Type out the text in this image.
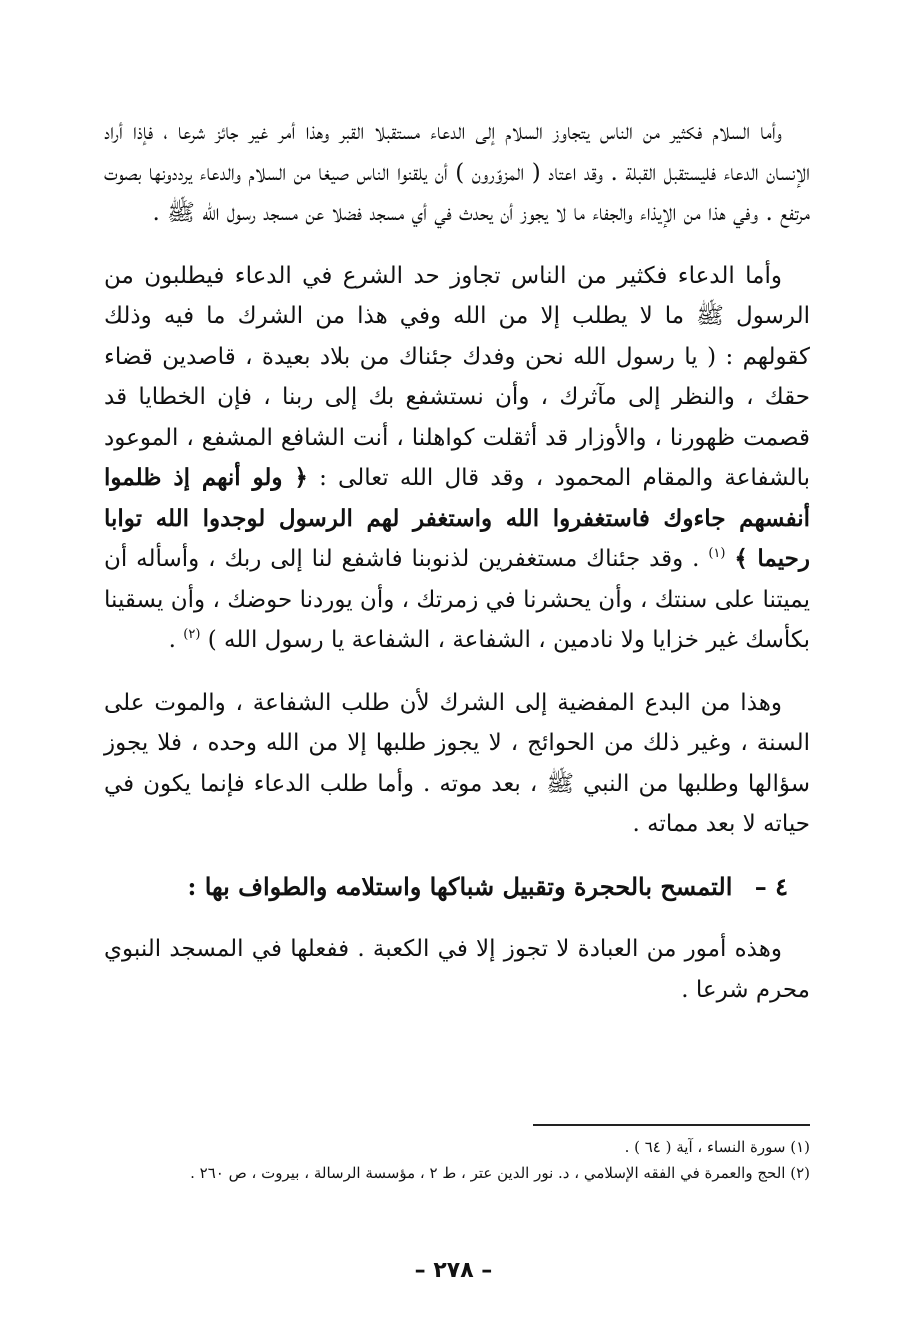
وأما السلام فكثير من الناس يتجاوز السلام إلى الدعاء مستقبلا القبر وهذا أمر غير جائز شرعا ، فإذا أراد الإنسان الدعاء فليستقبل القبلة . وقد اعتاد ( المزوّرون ) أن يلقنوا الناس صيغا من السلام والدعاء يرددونها بصوت مرتفع . وفي هذا من الإيذاء والجفاء ما لا يجوز أن يحدث في أي مسجد فضلا عن مسجد رسول الله ﷺ .

وأما الدعاء فكثير من الناس تجاوز حد الشرع في الدعاء فيطلبون من الرسول ﷺ ما لا يطلب إلا من الله وفي هذا من الشرك ما فيه وذلك كقولهم : ( يا رسول الله نحن وفدك جئناك من بلاد بعيدة ، قاصدين قضاء حقك ، والنظر إلى مآثرك ، وأن نستشفع بك إلى ربنا ، فإن الخطايا قد قصمت ظهورنا ، والأوزار قد أثقلت كواهلنا ، أنت الشافع المشفع ، الموعود بالشفاعة والمقام المحمود ، وقد قال الله تعالى : ﴿ ولو أنهم إذ ظلموا أنفسهم جاءوك فاستغفروا الله واستغفر لهم الرسول لوجدوا الله توابا رحيما ﴾ $^{(١)}$ . وقد جئناك مستغفرين لذنوبنا فاشفع لنا إلى ربك ، وأسأله أن يميتنا على سنتك ، وأن يحشرنا في زمرتك ، وأن يوردنا حوضك ، وأن يسقينا بكأسك غير خزايا ولا نادمين ، الشفاعة ، الشفاعة يا رسول الله ) $^{(٢)}$ .

وهذا من البدع المفضية إلى الشرك لأن طلب الشفاعة ، والموت على السنة ، وغير ذلك من الحوائج ، لا يجوز طلبها إلا من الله وحده ، فلا يجوز سؤالها وطلبها من النبي ﷺ ، بعد موته . وأما طلب الدعاء فإنما يكون في حياته لا بعد مماته .

٤ – التمسح بالحجرة وتقبيل شباكها واستلامه والطواف بها :

وهذه أمور من العبادة لا تجوز إلا في الكعبة . ففعلها في المسجد النبوي محرم شرعا .

(١) سورة النساء ، آية ( ٦٤ ) .

(٢) الحج والعمرة في الفقه الإسلامي ، د. نور الدين عتر ، ط ٢ ، مؤسسة الرسالة ، بيروت ، ص ٢٦٠ .

– ٢٧٨ –
